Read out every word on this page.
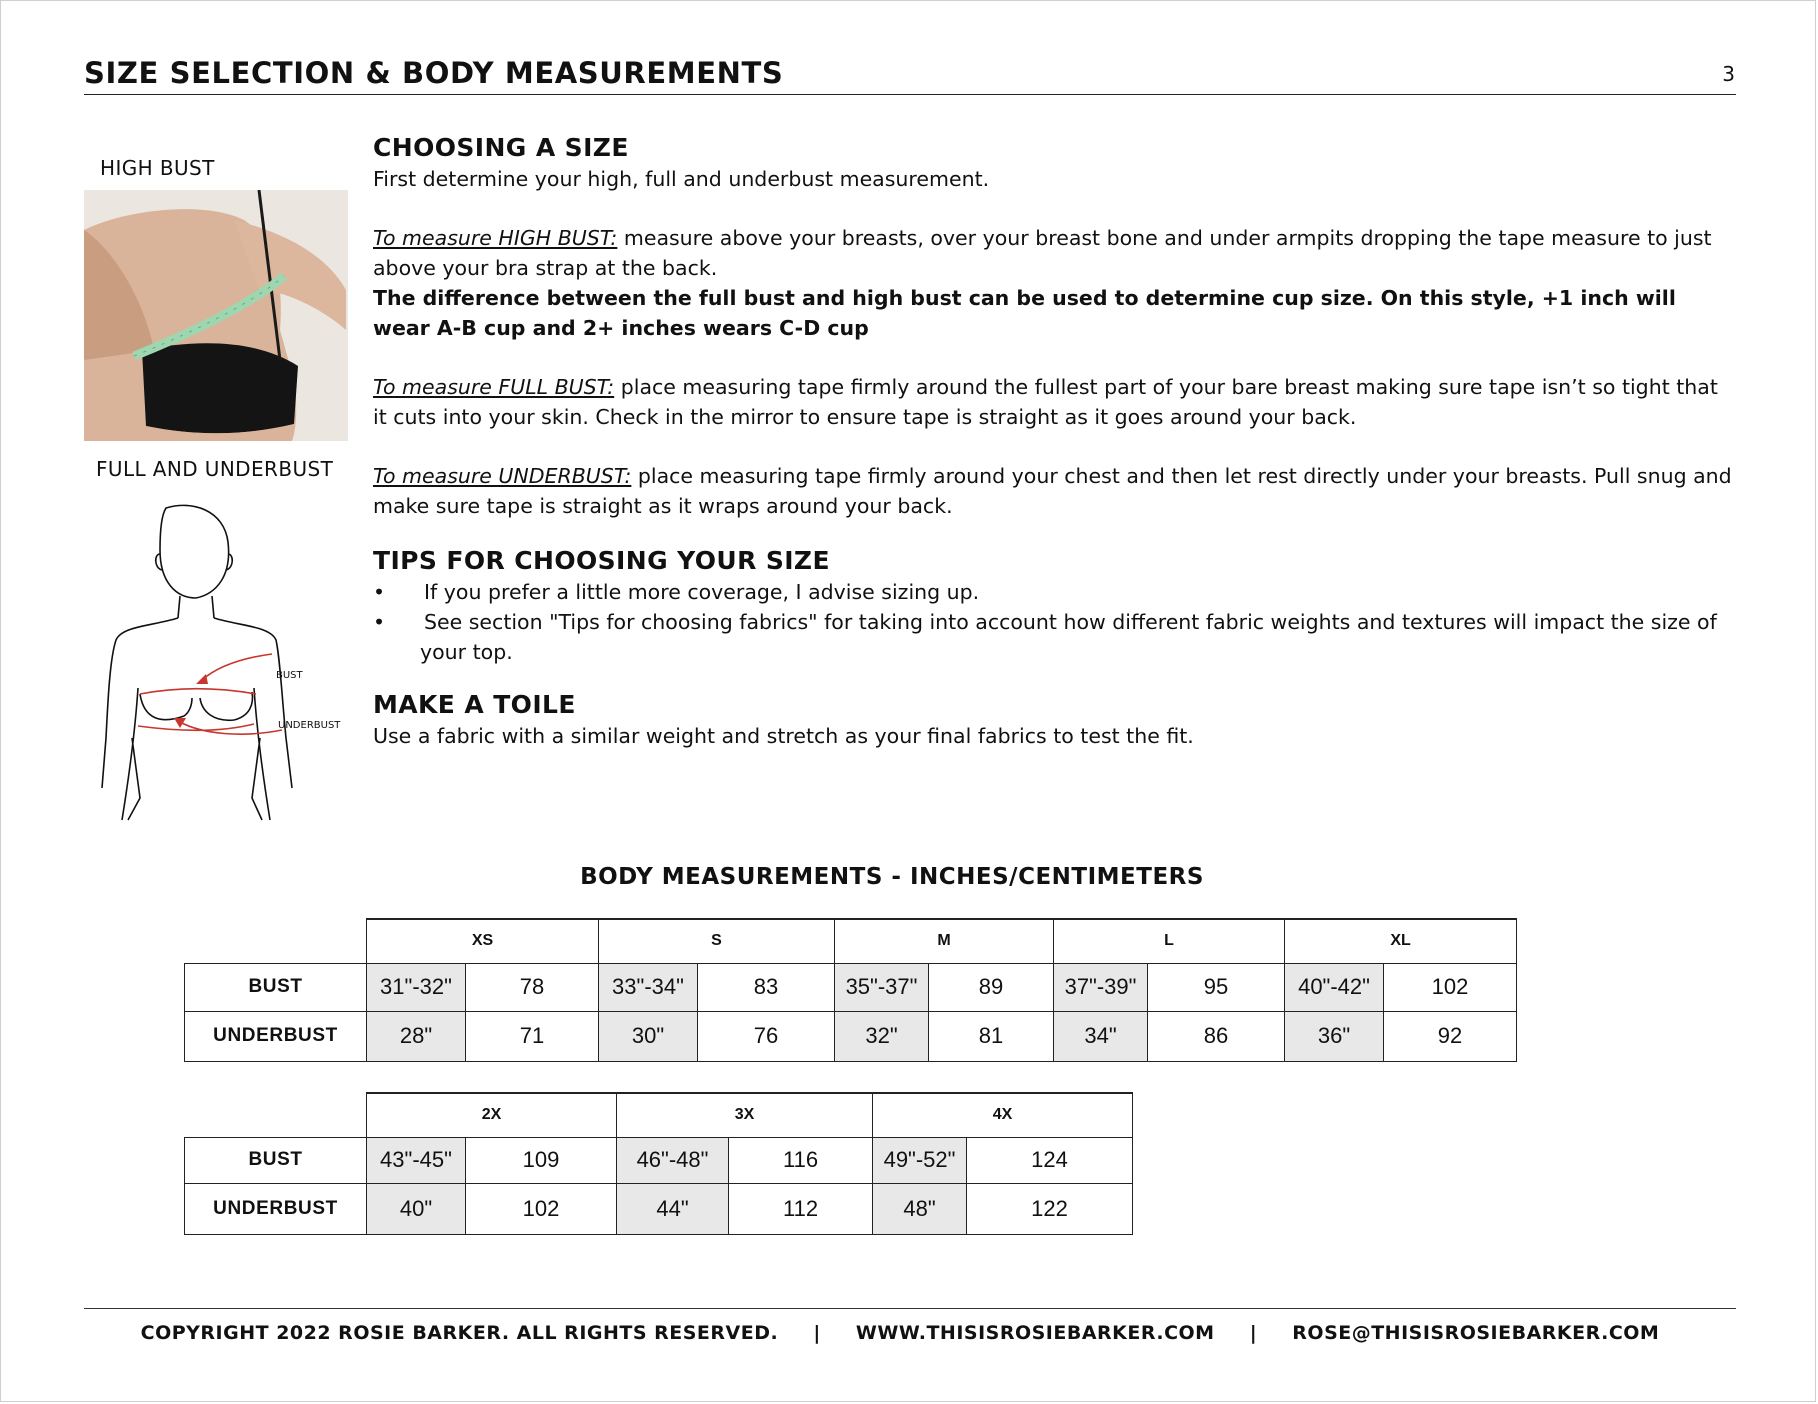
SIZE SELECTION & BODY MEASUREMENTS	3
HIGH BUST
FULL AND UNDERBUST
BUST
UNDERBUST
CHOOSING A SIZE

First determine your high, full and underbust measurement.

To measure HIGH BUST: measure above your breasts, over your breast bone and under armpits dropping the tape measure to just above your bra strap at the back.

The difference between the full bust and high bust can be used to determine cup size. On this style, +1 inch will wear A-B cup and 2+ inches wears C-D cup

To measure FULL BUST: place measuring tape firmly around the fullest part of your bare breast making sure tape isn’t so tight that it cuts into your skin. Check in the mirror to ensure tape is straight as it goes around your back.

To measure UNDERBUST: place measuring tape firmly around your chest and then let rest directly under your breasts. Pull snug and make sure tape is straight as it wraps around your back.

TIPS FOR CHOOSING YOUR SIZE
•	If you prefer a little more coverage, I advise sizing up.
•	See section "Tips for choosing fabrics" for taking into account how different fabric weights and textures will impact the size of your top.
MAKE A TOILE

Use a fabric with a similar weight and stretch as your final fabrics to test the fit.

BODY MEASUREMENTS - INCHES/CENTIMETERS
	XS		S		M		L		XL	
BUST	31"-32"	78	33"-34"	83	35"-37"	89	37"-39"	95	40"-42"	102
UNDERBUST	28"	71	30"	76	32"	81	34"	86	36"	92
	2X		3X		4X	
BUST	43"-45"	109	46"-48"	116	49"-52"	124
UNDERBUST	40"	102	44"	112	48"	122
COPYRIGHT 2022 ROSIE BARKER. ALL RIGHTS RESERVED. | WWW.THISISROSIEBARKER.COM | ROSE@THISISROSIEBARKER.COM
